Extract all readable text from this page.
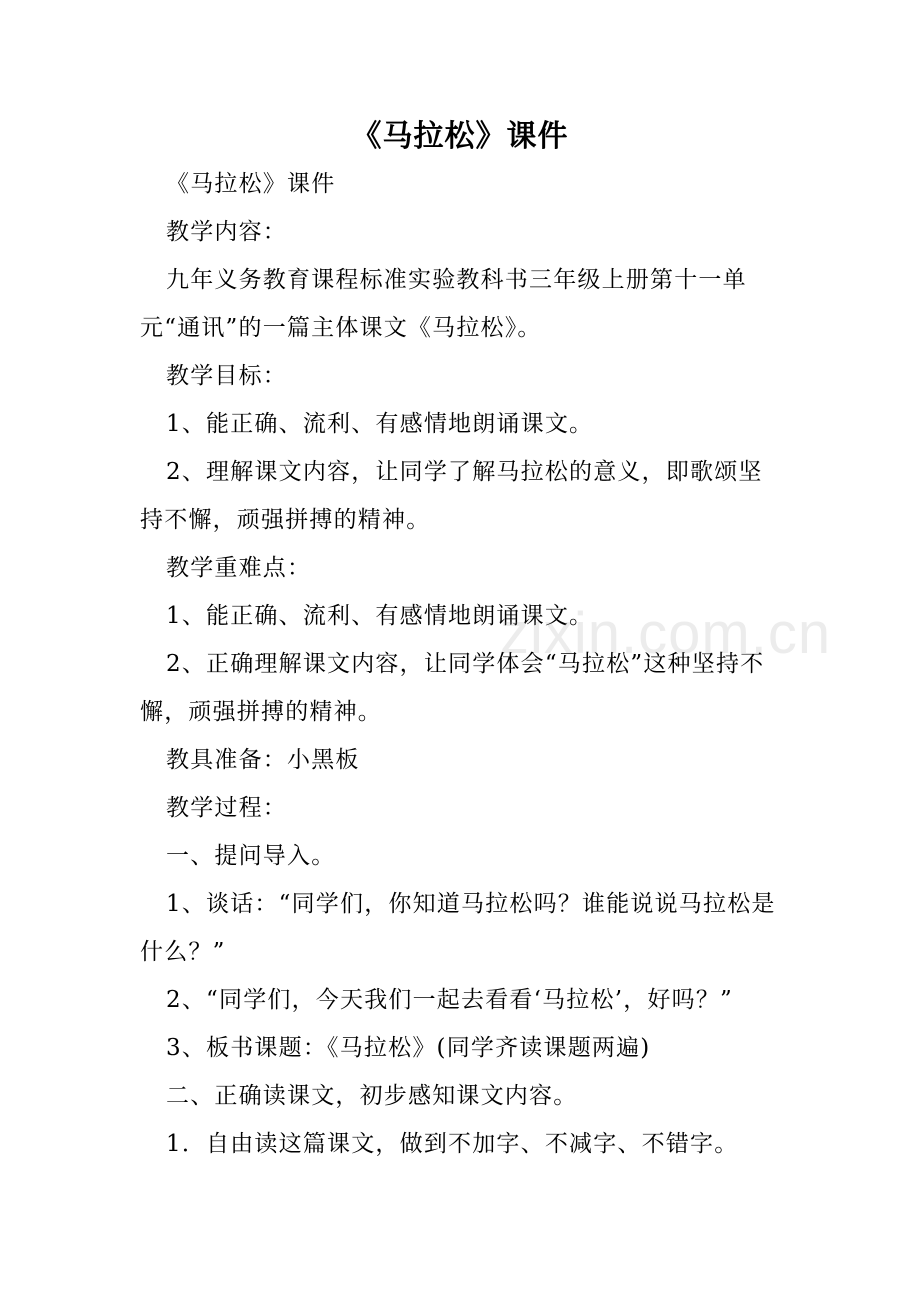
《马拉松》课件

《马拉松》课件

教学内容：

九年义务教育课程标准实验教科书三年级上册第十一单元“通讯”的一篇主体课文《马拉松》。

教学目标：

1、能正确、流利、有感情地朗诵课文。

2、理解课文内容，让同学了解马拉松的意义，即歌颂坚持不懈，顽强拼搏的精神。

教学重难点：

1、能正确、流利、有感情地朗诵课文。

2、正确理解课文内容，让同学体会“马拉松”这种坚持不懈，顽强拼搏的精神。

教具准备：小黑板

教学过程：

一、提问导入。

1、谈话：“同学们，你知道马拉松吗？谁能说说马拉松是什么？”

2、“同学们，今天我们一起去看看‘马拉松’，好吗？”

3、板书课题：《马拉松》(同学齐读课题两遍)

二、正确读课文，初步感知课文内容。

1．自由读这篇课文，做到不加字、不减字、不错字。

zixin.com.cn
